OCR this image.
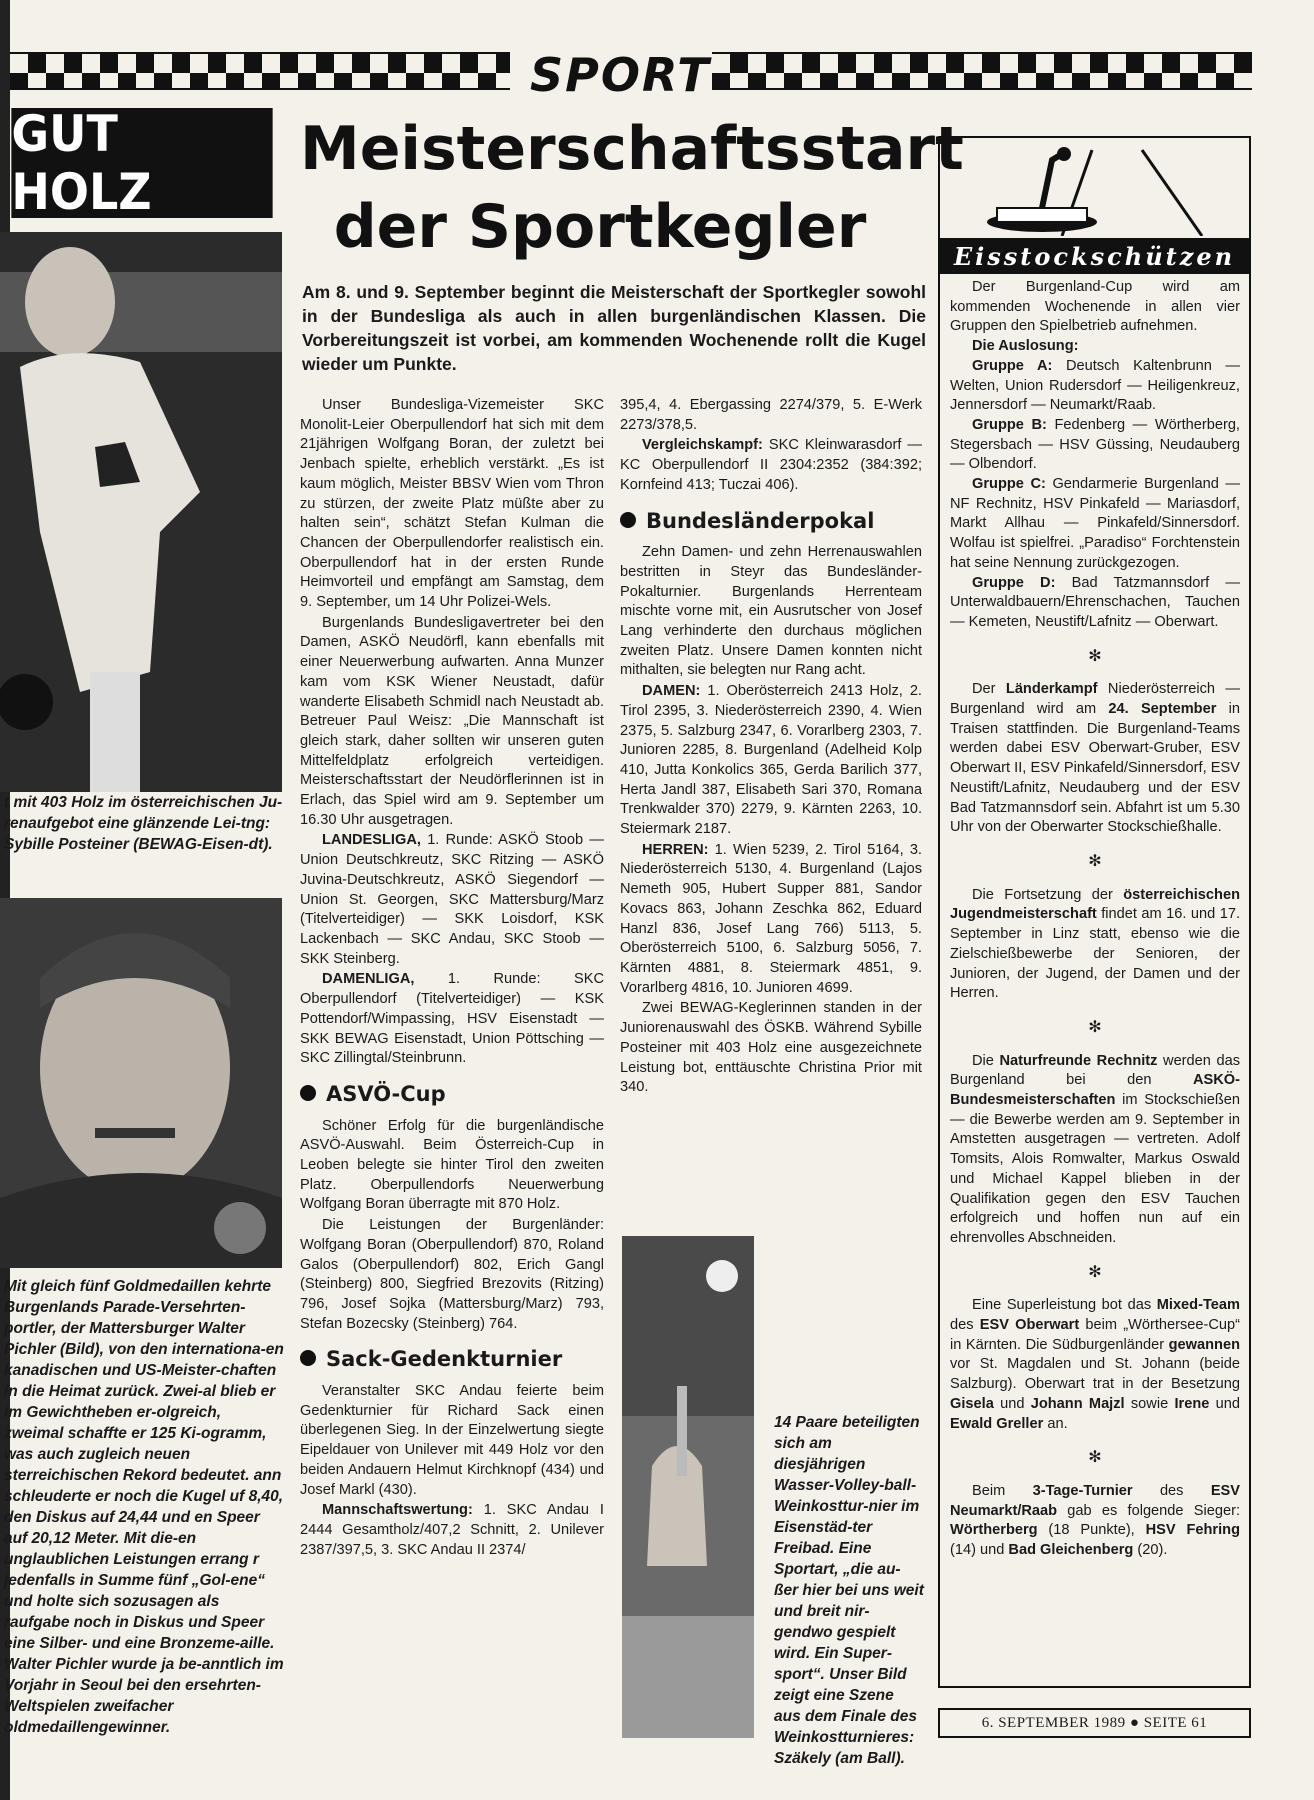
SPORT
GUT HOLZ
Meisterschaftsstart
der Sportkegler
Am 8. und 9. September beginnt die Meisterschaft der Sportkegler sowohl in der Bundesliga als auch in allen burgenländischen Klassen. Die Vorbereitungszeit ist vorbei, am kommenden Wochenende rollt die Kugel wieder um Punkte.
t mit 403 Holz im österreichischen Ju-renaufgebot eine glänzende Lei-tng: Sybille Posteiner (BEWAG-Eisen-dt).
Mit gleich fünf Goldmedaillen kehrte Burgenlands Parade-Versehrten-portler, der Mattersburger Walter Pichler (Bild), von den internationa-en kanadischen und US-Meister-chaften in die Heimat zurück. Zwei-al blieb er im Gewichtheben er-olgreich, zweimal schaffte er 125 Ki-ogramm, was auch zugleich neuen sterreichischen Rekord bedeutet. ann schleuderte er noch die Kugel uf 8,40, den Diskus auf 24,44 und en Speer auf 20,12 Meter. Mit die-en unglaublichen Leistungen errang r jedenfalls in Summe fünf „Gol-ene“ und holte sich sozusagen als raufgabe noch in Diskus und Speer eine Silber- und eine Bronzeme-aille. Walter Pichler wurde ja be-anntlich im Vorjahr in Seoul bei den ersehrten-Weltspielen zweifacher oldmedaillengewinner.

Unser Bundesliga-Vizemeister SKC Monolit-Leier Oberpullendorf hat sich mit dem 21jährigen Wolfgang Boran, der zuletzt bei Jenbach spielte, erheblich verstärkt. „Es ist kaum möglich, Meister BBSV Wien vom Thron zu stürzen, der zweite Platz müßte aber zu halten sein“, schätzt Stefan Kulman die Chancen der Oberpullendorfer realistisch ein. Oberpullendorf hat in der ersten Runde Heimvorteil und empfängt am Samstag, dem 9. September, um 14 Uhr Polizei-Wels.

Burgenlands Bundesligavertreter bei den Damen, ASKÖ Neudörfl, kann ebenfalls mit einer Neuerwerbung aufwarten. Anna Munzer kam vom KSK Wiener Neustadt, dafür wanderte Elisabeth Schmidl nach Neustadt ab. Betreuer Paul Weisz: „Die Mannschaft ist gleich stark, daher sollten wir unseren guten Mittelfeldplatz erfolgreich verteidigen. Meisterschaftsstart der Neudörflerinnen ist in Erlach, das Spiel wird am 9. September um 16.30 Uhr ausgetragen.

LANDESLIGA, 1. Runde: ASKÖ Stoob — Union Deutschkreutz, SKC Ritzing — ASKÖ Juvina-Deutschkreutz, ASKÖ Siegendorf — Union St. Georgen, SKC Mattersburg/Marz (Titelverteidiger) — SKK Loisdorf, KSK Lackenbach — SKC Andau, SKC Stoob — SKK Steinberg.

DAMENLIGA, 1. Runde: SKC Oberpullendorf (Titelverteidiger) — KSK Pottendorf/Wimpassing, HSV Eisenstadt — SKK BEWAG Eisenstadt, Union Pöttsching — SKC Zillingtal/Steinbrunn.

ASVÖ-Cup

Schöner Erfolg für die burgenländische ASVÖ-Auswahl. Beim Österreich-Cup in Leoben belegte sie hinter Tirol den zweiten Platz. Oberpullendorfs Neuerwerbung Wolfgang Boran überragte mit 870 Holz.

Die Leistungen der Burgenländer: Wolfgang Boran (Oberpullendorf) 870, Roland Galos (Oberpullendorf) 802, Erich Gangl (Steinberg) 800, Siegfried Brezovits (Ritzing) 796, Josef Sojka (Mattersburg/Marz) 793, Stefan Bozecsky (Steinberg) 764.

Sack-Gedenkturnier

Veranstalter SKC Andau feierte beim Gedenkturnier für Richard Sack einen überlegenen Sieg. In der Einzelwertung siegte Eipeldauer von Unilever mit 449 Holz vor den beiden Andauern Helmut Kirchknopf (434) und Josef Markl (430).

Mannschaftswertung: 1. SKC Andau I 2444 Gesamtholz/407,2 Schnitt, 2. Unilever 2387/397,5, 3. SKC Andau II 2374/

395,4, 4. Ebergassing 2274/379, 5. E-Werk 2273/378,5.

Vergleichskampf: SKC Kleinwarasdorf — KC Oberpullendorf II 2304:2352 (384:392; Kornfeind 413; Tuczai 406).

Bundesländerpokal

Zehn Damen- und zehn Herrenauswahlen bestritten in Steyr das Bundesländer-Pokalturnier. Burgenlands Herrenteam mischte vorne mit, ein Ausrutscher von Josef Lang verhinderte den durchaus möglichen zweiten Platz. Unsere Damen konnten nicht mithalten, sie belegten nur Rang acht.

DAMEN: 1. Oberösterreich 2413 Holz, 2. Tirol 2395, 3. Niederösterreich 2390, 4. Wien 2375, 5. Salzburg 2347, 6. Vorarlberg 2303, 7. Junioren 2285, 8. Burgenland (Adelheid Kolp 410, Jutta Konkolics 365, Gerda Barilich 377, Herta Jandl 387, Elisabeth Sari 370, Romana Trenkwalder 370) 2279, 9. Kärnten 2263, 10. Steiermark 2187.

HERREN: 1. Wien 5239, 2. Tirol 5164, 3. Niederösterreich 5130, 4. Burgenland (Lajos Nemeth 905, Hubert Supper 881, Sandor Kovacs 863, Johann Zeschka 862, Eduard Hanzl 836, Josef Lang 766) 5113, 5. Oberösterreich 5100, 6. Salzburg 5056, 7. Kärnten 4881, 8. Steiermark 4851, 9. Vorarlberg 4816, 10. Junioren 4699.

Zwei BEWAG-Keglerinnen standen in der Juniorenauswahl des ÖSKB. Während Sybille Posteiner mit 403 Holz eine ausgezeichnete Leistung bot, enttäuschte Christina Prior mit 340.

14 Paare beteiligten sich am diesjährigen Wasser-Volley-ball-Weinkosttur-nier im Eisenstäd-ter Freibad. Eine Sportart, „die au-ßer hier bei uns weit und breit nir-gendwo gespielt wird. Ein Super-sport“. Unser Bild zeigt eine Szene aus dem Finale des Weinkostturnieres: Szäkely (am Ball).
Eisstockschützen

Der Burgenland-Cup wird am kommenden Wochenende in allen vier Gruppen den Spielbetrieb aufnehmen.

Die Auslosung:

Gruppe A: Deutsch Kaltenbrunn — Welten, Union Rudersdorf — Heiligenkreuz, Jennersdorf — Neumarkt/Raab.

Gruppe B: Fedenberg — Wörtherberg, Stegersbach — HSV Güssing, Neudauberg — Olbendorf.

Gruppe C: Gendarmerie Burgenland — NF Rechnitz, HSV Pinkafeld — Mariasdorf, Markt Allhau — Pinkafeld/Sinnersdorf. Wolfau ist spielfrei. „Paradiso“ Forchtenstein hat seine Nennung zurückgezogen.

Gruppe D: Bad Tatzmannsdorf — Unterwaldbauern/Ehrenschachen, Tauchen — Kemeten, Neustift/Lafnitz — Oberwart.

✻

Der Länderkampf Niederösterreich — Burgenland wird am 24. September in Traisen stattfinden. Die Burgenland-Teams werden dabei ESV Oberwart-Gruber, ESV Oberwart II, ESV Pinkafeld/Sinnersdorf, ESV Neustift/Lafnitz, Neudauberg und der ESV Bad Tatzmannsdorf sein. Abfahrt ist um 5.30 Uhr von der Oberwarter Stockschießhalle.

✻

Die Fortsetzung der österreichischen Jugendmeisterschaft findet am 16. und 17. September in Linz statt, ebenso wie die Zielschießbewerbe der Senioren, der Junioren, der Jugend, der Damen und der Herren.

✻

Die Naturfreunde Rechnitz werden das Burgenland bei den ASKÖ-Bundesmeisterschaften im Stockschießen — die Bewerbe werden am 9. September in Amstetten ausgetragen — vertreten. Adolf Tomsits, Alois Romwalter, Markus Oswald und Michael Kappel blieben in der Qualifikation gegen den ESV Tauchen erfolgreich und hoffen nun auf ein ehrenvolles Abschneiden.

✻

Eine Superleistung bot das Mixed-Team des ESV Oberwart beim „Wörthersee-Cup“ in Kärnten. Die Südburgenländer gewannen vor St. Magdalen und St. Johann (beide Salzburg). Oberwart trat in der Besetzung Gisela und Johann Majzl sowie Irene und Ewald Greller an.

✻

Beim 3-Tage-Turnier des ESV Neumarkt/Raab gab es folgende Sieger: Wörtherberg (18 Punkte), HSV Fehring (14) und Bad Gleichenberg (20).

6. SEPTEMBER 1989 ● SEITE 61
